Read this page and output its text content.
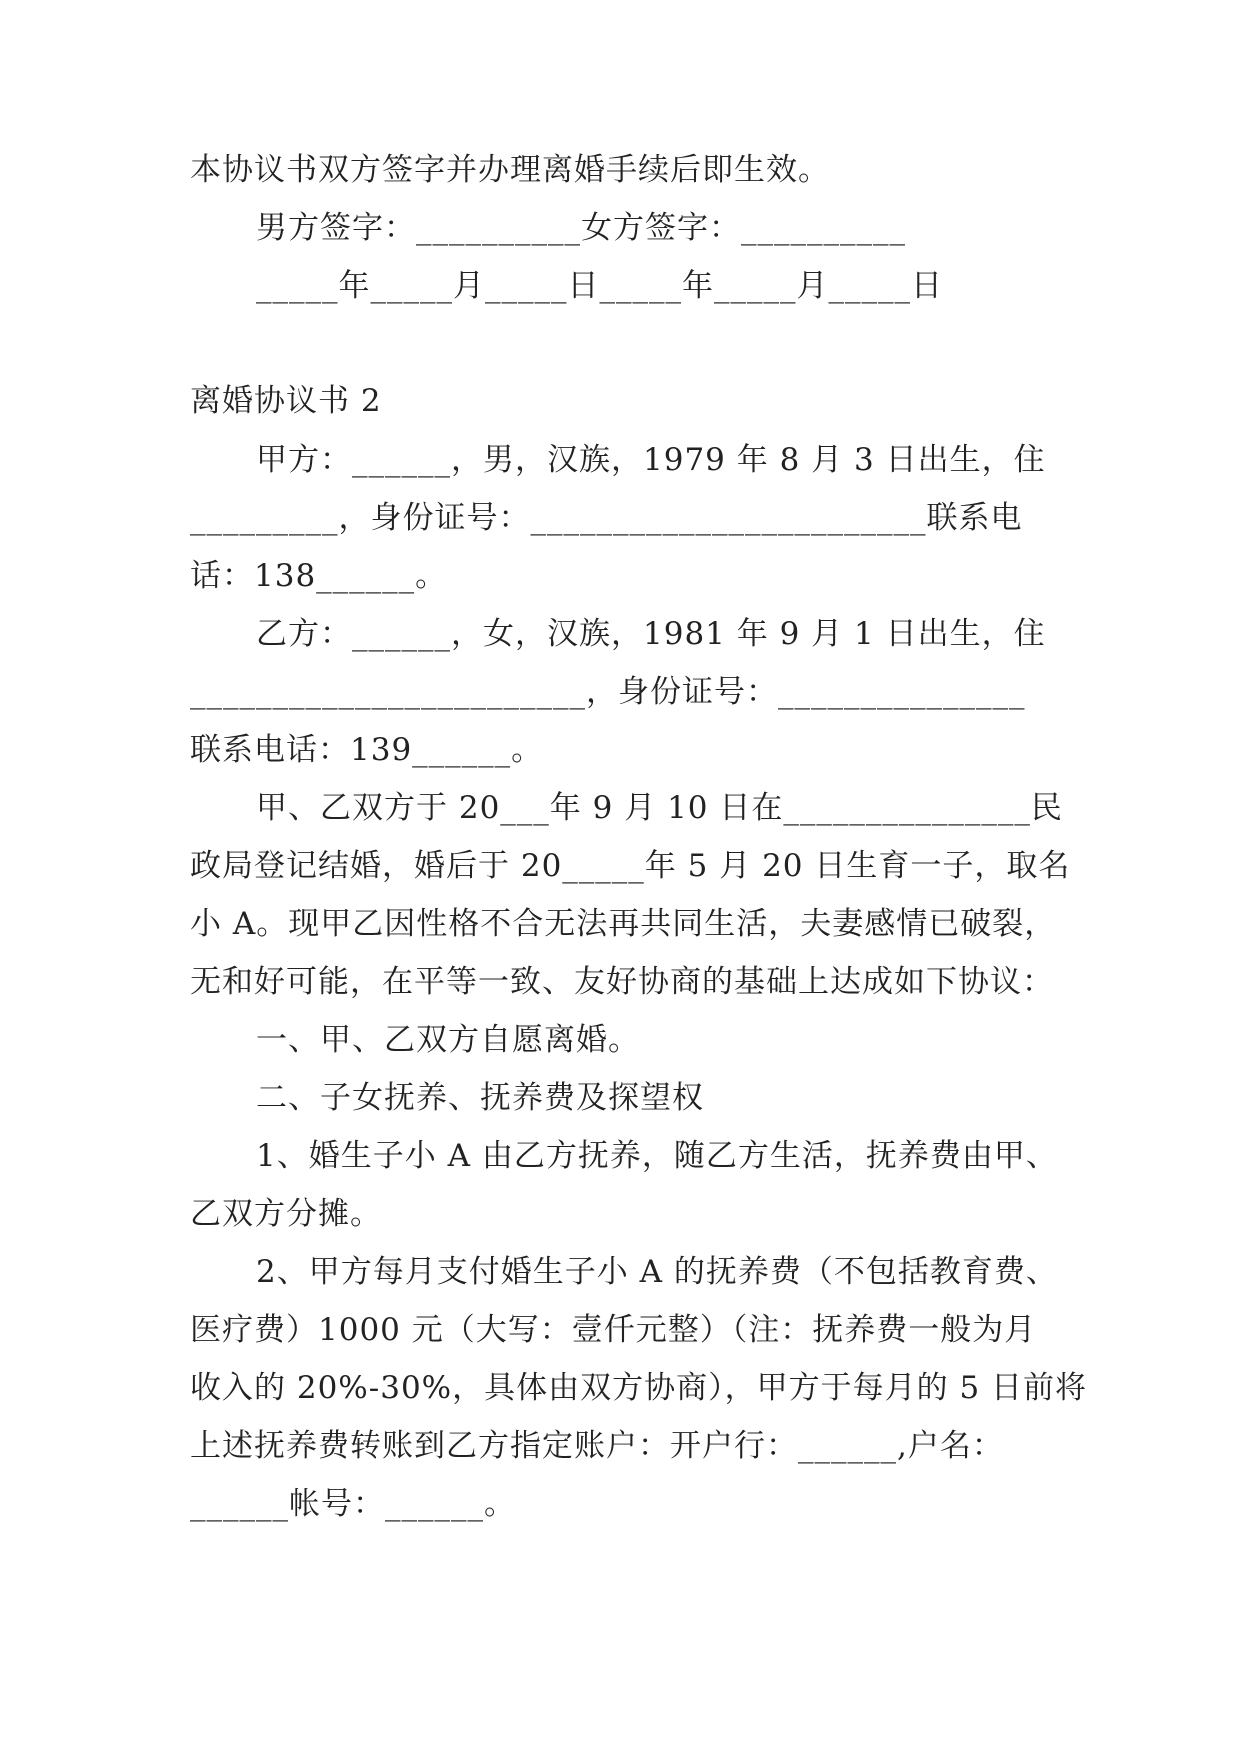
本协议书双方签字并办理离婚手续后即生效。
男方签字：__________女方签字：__________
_____年_____月_____日_____年_____月_____日
离婚协议书 2
甲方：______，男，汉族，1979 年 8 月 3 日出生，住
_________，身份证号：________________________联系电
话：138______。
乙方：______，女，汉族，1981 年 9 月 1 日出生，住
________________________，身份证号：_______________
联系电话：139______。
甲、乙双方于 20___年 9 月 10 日在_______________民
政局登记结婚，婚后于 20_____年 5 月 20 日生育一子，取名
小 A。现甲乙因性格不合无法再共同生活，夫妻感情已破裂，
无和好可能，在平等一致、友好协商的基础上达成如下协议：
一、甲、乙双方自愿离婚。
二、子女抚养、抚养费及探望权
1、婚生子小 A 由乙方抚养，随乙方生活，抚养费由甲、
乙双方分摊。
2、甲方每月支付婚生子小 A 的抚养费（不包括教育费、
医疗费）1000 元（大写：壹仟元整）（注：抚养费一般为月
收入的 20%-30%，具体由双方协商），甲方于每月的 5 日前将
上述抚养费转账到乙方指定账户：开户行：______,户名：
______帐号：______。
